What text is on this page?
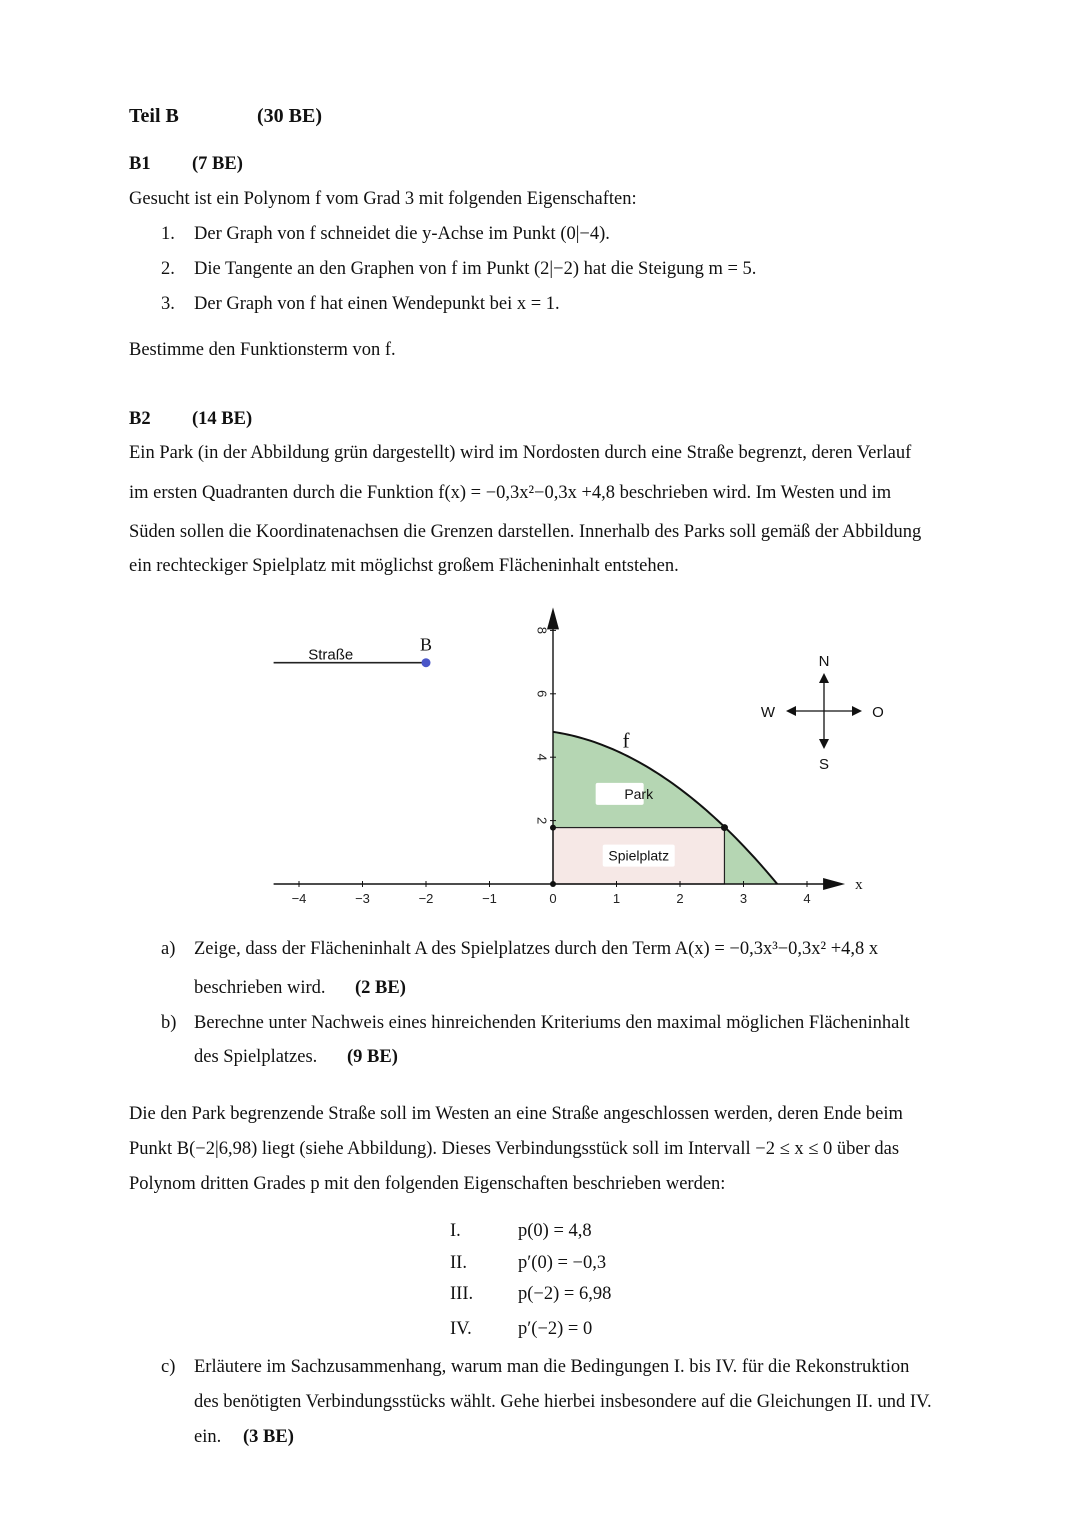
Teil B	(30 BE)
B1 (7 BE)
Gesucht ist ein Polynom f vom Grad 3 mit folgenden Eigenschaften:
1. Der Graph von f schneidet die y-Achse im Punkt (0|−4).
2. Die Tangente an den Graphen von f im Punkt (2|−2) hat die Steigung m = 5.
3. Der Graph von f hat einen Wendepunkt bei x = 1.
Bestimme den Funktionsterm von f.
B2 (14 BE)
Ein Park (in der Abbildung grün dargestellt) wird im Nordosten durch eine Straße begrenzt, deren Verlauf
im ersten Quadranten durch die Funktion f(x) = −0,3x²−0,3x +4,8 beschrieben wird. Im Westen und im
Süden sollen die Koordinatenachsen die Grenzen darstellen. Innerhalb des Parks soll gemäß der Abbildung
ein rechteckiger Spielplatz mit möglichst großem Flächeninhalt entstehen.
−4	−3	−2	−1	0	1	2	3	4
2
4
6
8
x
f
Park
Spielplatz
B
Straße	N
S
W	O
a) Zeige, dass der Flächeninhalt A des Spielplatzes durch den Term A(x) = −0,3x³−0,3x² +4,8 x
beschrieben wird. (2 BE)
b) Berechne unter Nachweis eines hinreichenden Kriteriums den maximal möglichen Flächeninhalt
des Spielplatzes. (9 BE)
Die den Park begrenzende Straße soll im Westen an eine Straße angeschlossen werden, deren Ende beim
Punkt B(−2|6,98) liegt (siehe Abbildung). Dieses Verbindungsstück soll im Intervall −2 ≤ x ≤ 0 über das
Polynom dritten Grades p mit den folgenden Eigenschaften beschrieben werden:
I.	p(0) = 4,8
II.	p′(0) = −0,3
III. p(−2) = 6,98
IV. p′(−2) = 0
c) Erläutere im Sachzusammenhang, warum man die Bedingungen I. bis IV. für die Rekonstruktion
des benötigten Verbindungsstücks wählt. Gehe hierbei insbesondere auf die Gleichungen II. und IV.
ein. (3 BE)
